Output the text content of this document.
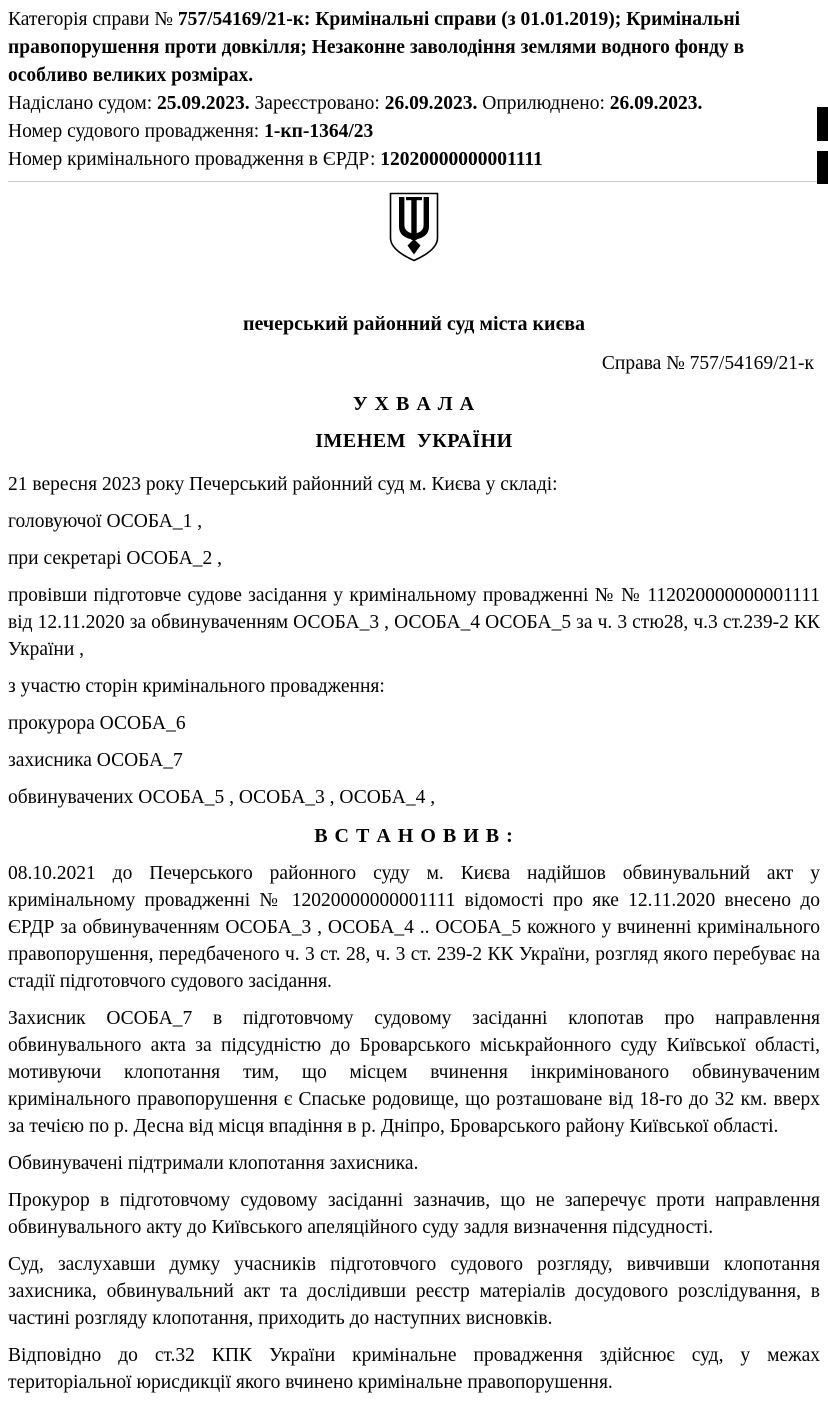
Категорія справи № 757/54169/21-к: Кримінальні справи (з 01.01.2019); Кримінальні правопорушення проти довкілля; Незаконне заволодіння землями водного фонду в особливо великих розмірах.

Надіслано судом: 25.09.2023. Зареєстровано: 26.09.2023. Оприлюднено: 26.09.2023.

Номер судового провадження: 1-кп-1364/23

Номер кримінального провадження в ЄРДР: 12020000000001111

печерський районний суд міста києва

Справа № 757/54169/21-к

У Х В А Л А

ІМЕНЕМ  УКРАЇНИ

21 вересня 2023 року Печерський районний суд м. Києва у складі:

головуючої ОСОБА_1 ,

при секретарі ОСОБА_2 ,

провівши підготовче судове засідання у кримінальному провадженні № № 112020000000001111 від 12.11.2020 за обвинуваченням ОСОБА_3 , ОСОБА_4 ОСОБА_5 за ч. 3 стю28, ч.3 ст.239-2 КК України ,

з участю сторін кримінального провадження:

прокурора ОСОБА_6

захисника ОСОБА_7

обвинувачених ОСОБА_5 , ОСОБА_3 , ОСОБА_4 ,

В С Т А Н О В И В :

08.10.2021 до Печерського районного суду м. Києва надійшов обвинувальний акт у кримінальному провадженні № 12020000000001111 відомості про яке 12.11.2020 внесено до ЄРДР за обвинуваченням ОСОБА_3 , ОСОБА_4 .. ОСОБА_5 кожного у вчиненні кримінального правопорушення, передбаченого ч. 3 ст. 28, ч. 3 ст. 239-2 КК України, розгляд якого перебуває на стадії підготовчого судового засідання.

Захисник ОСОБА_7 в підготовчому судовому засіданні клопотав про направлення обвинувального акта за підсудністю до Броварського міськрайонного суду Київської області, мотивуючи клопотання тим, що місцем вчинення інкримінованого обвинуваченим кримінального правопорушення є Спаське родовище, що розташоване від 18-го до 32 км. вверх за течією по р. Десна від місця впадіння в р. Дніпро, Броварського району Київської області.

Обвинувачені підтримали клопотання захисника.

Прокурор в підготовчому судовому засіданні зазначив, що не заперечує проти направлення обвинувального акту до Київського апеляційного суду задля визначення підсудності.

Суд, заслухавши думку учасників підготовчого судового розгляду, вивчивши клопотання захисника, обвинувальний акт та дослідивши реєстр матеріалів досудового розслідування, в частині розгляду клопотання, приходить до наступних висновків.

Відповідно до ст.32 КПК України кримінальне провадження здійснює суд, у межах територіальної юрисдикції якого вчинено кримінальне правопорушення.
